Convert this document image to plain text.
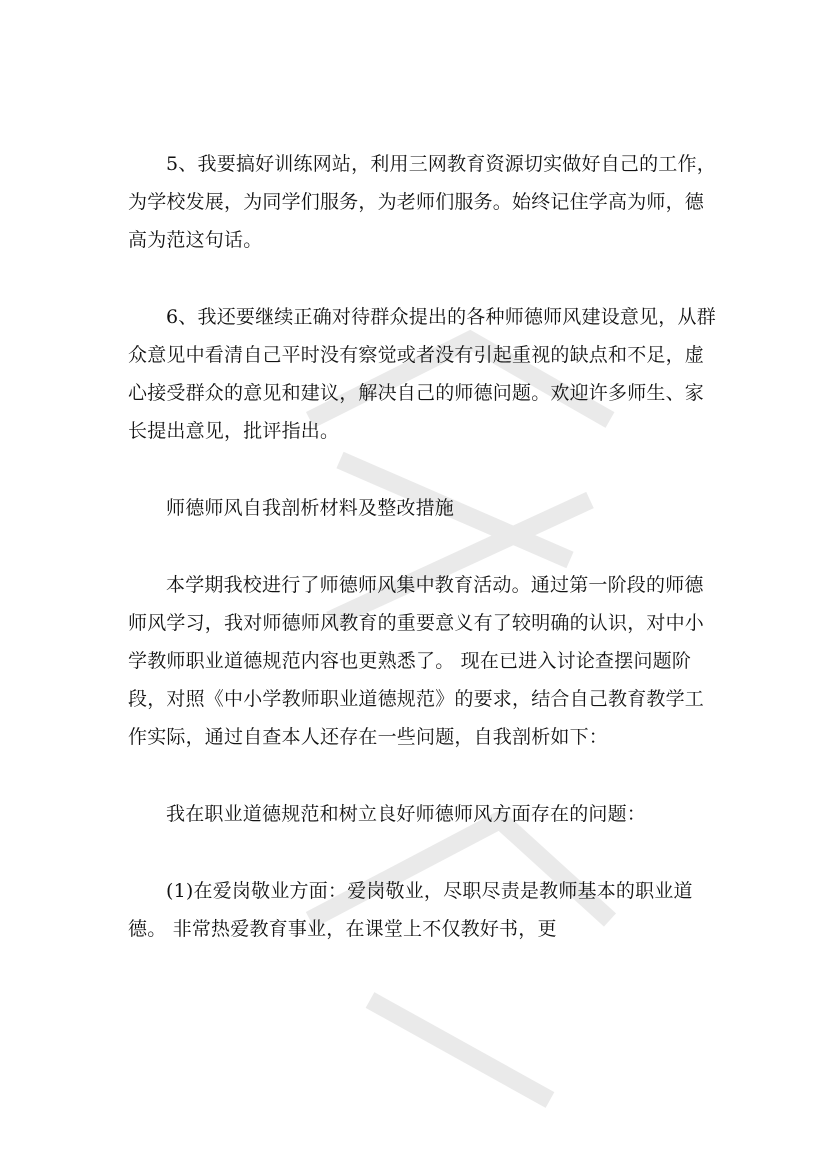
5、我要搞好训练网站，利用三网教育资源切实做好自己的工作，为学校发展，为同学们服务，为老师们服务。始终记住学高为师，德高为范这句话。

6、我还要继续正确对待群众提出的各种师德师风建设意见，从群众意见中看清自己平时没有察觉或者没有引起重视的缺点和不足，虚心接受群众的意见和建议，解决自己的师德问题。欢迎许多师生、家长提出意见，批评指出。

师德师风自我剖析材料及整改措施

本学期我校进行了师德师风集中教育活动。通过第一阶段的师德师风学习，我对师德师风教育的重要意义有了较明确的认识，对中小学教师职业道德规范内容也更熟悉了。 现在已进入讨论查摆问题阶段，对照《中小学教师职业道德规范》的要求，结合自己教育教学工作实际，通过自查本人还存在一些问题，自我剖析如下：

我在职业道德规范和树立良好师德师风方面存在的问题：

(1)在爱岗敬业方面：爱岗敬业，尽职尽责是教师基本的职业道德。 非常热爱教育事业，在课堂上不仅教好书，更
